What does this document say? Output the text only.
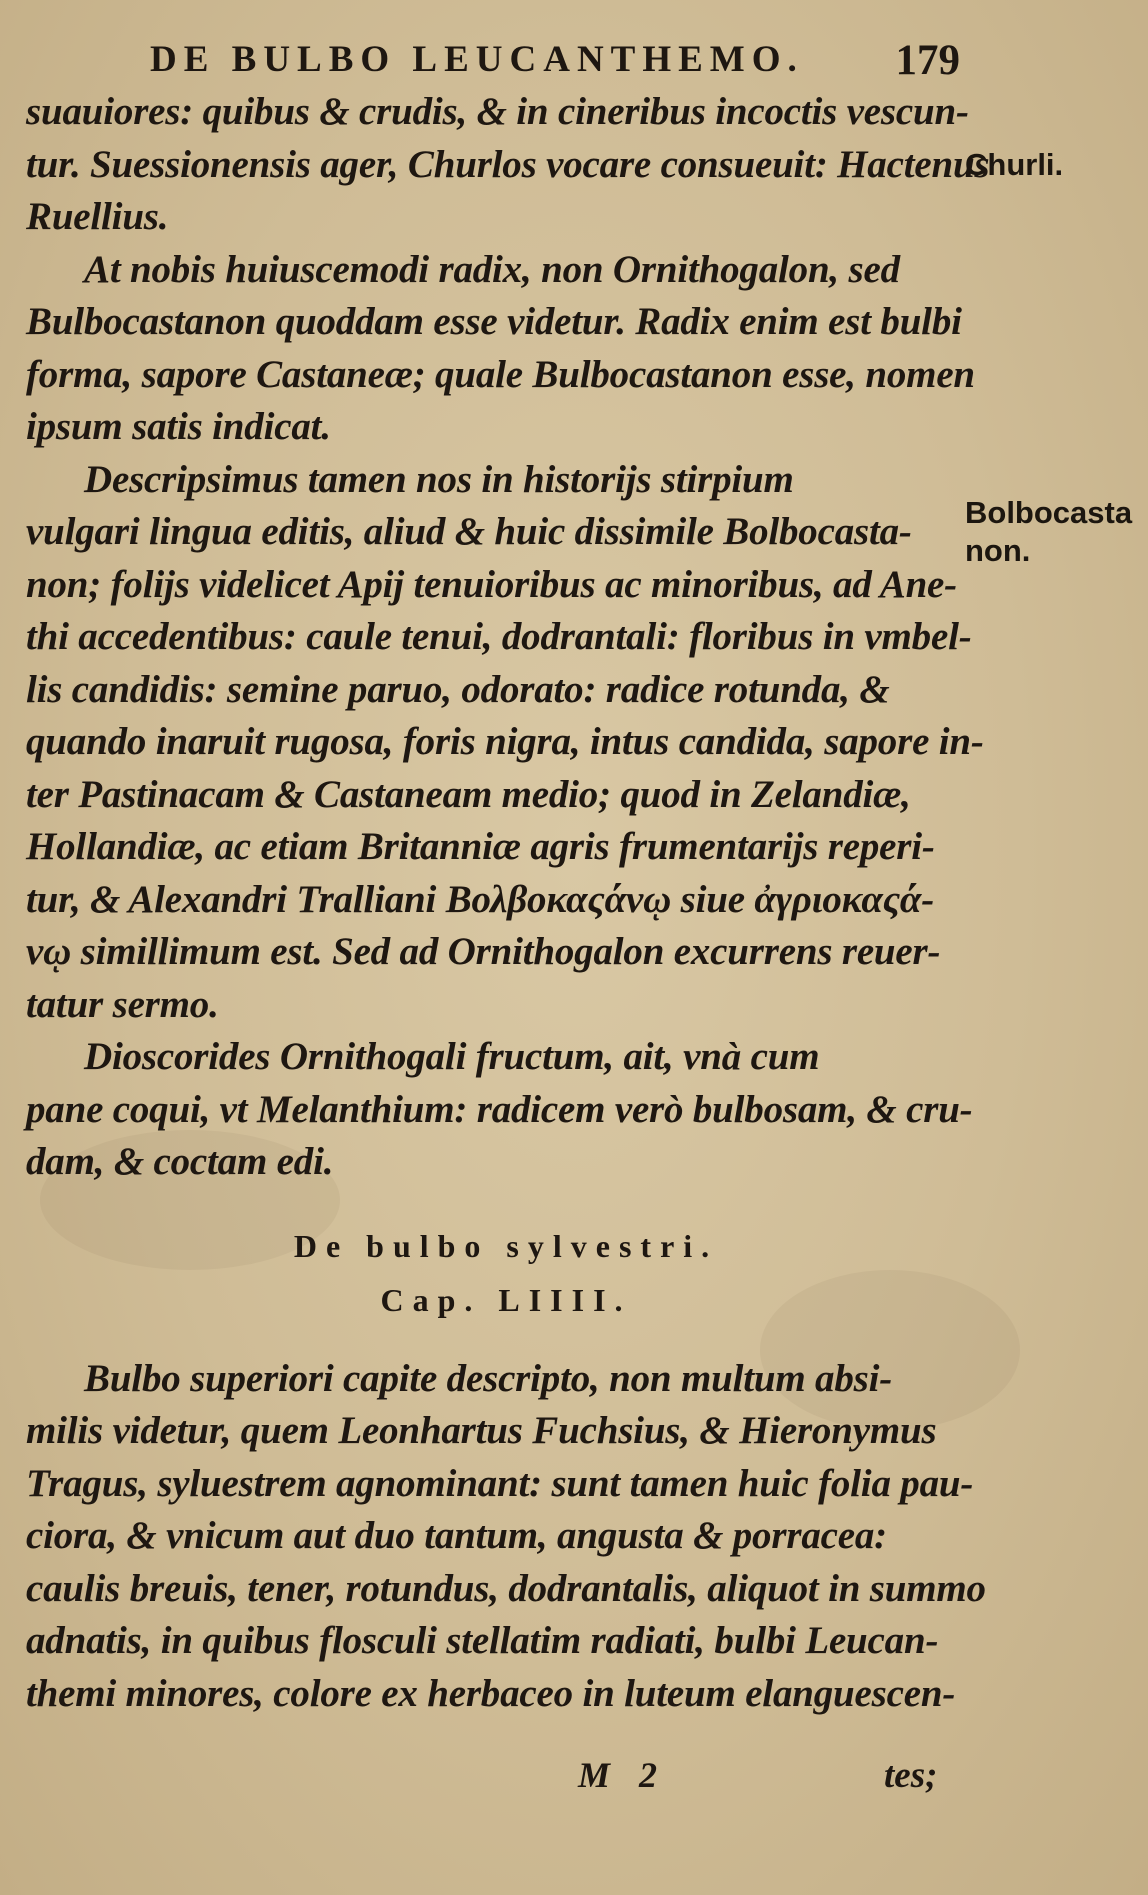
DE BULBO LEUCANTHEMO. 179
Churli.
Bolbocasta
non.
suauiores: quibus & crudis, & in cineribus incoctis vescun-
tur. Suessionensis ager, Churlos vocare consueuit: Hactenus
Ruellius.
At nobis huiuscemodi radix, non Ornithogalon, sed
Bulbocastanon quoddam esse videtur. Radix enim est bulbi
forma, sapore Castaneæ; quale Bulbocastanon esse, nomen
ipsum satis indicat.
Descripsimus tamen nos in historijs stirpium
vulgari lingua editis, aliud & huic dissimile Bolbocasta-
non; folijs videlicet Apij tenuioribus ac minoribus, ad Ane-
thi accedentibus: caule tenui, dodrantali: floribus in vmbel-
lis candidis: semine paruo, odorato: radice rotunda, &
quando inaruit rugosa, foris nigra, intus candida, sapore in-
ter Pastinacam & Castaneam medio; quod in Zelandiæ,
Hollandiæ, ac etiam Britanniæ agris frumentarijs reperi-
tur, & Alexandri Tralliani Βολβοκαςάνῳ siue ἀγριοκαςά-
νῳ simillimum est. Sed ad Ornithogalon excurrens reuer-
tatur sermo.
Dioscorides Ornithogali fructum, ait, vnà cum
pane coqui, vt Melanthium: radicem verò bulbosam, & cru-
dam, & coctam edi.
De bulbo sylvestri.
Cap. LIIII.
Bulbo superiori capite descripto, non multum absi-
milis videtur, quem Leonhartus Fuchsius, & Hieronymus
Tragus, syluestrem agnominant: sunt tamen huic folia pau-
ciora, & vnicum aut duo tantum, angusta & porracea:
caulis breuis, tener, rotundus, dodrantalis, aliquot in summo
adnatis, in quibus flosculi stellatim radiati, bulbi Leucan-
themi minores, colore ex herbaceo in luteum elanguescen-
M 2	tes;
